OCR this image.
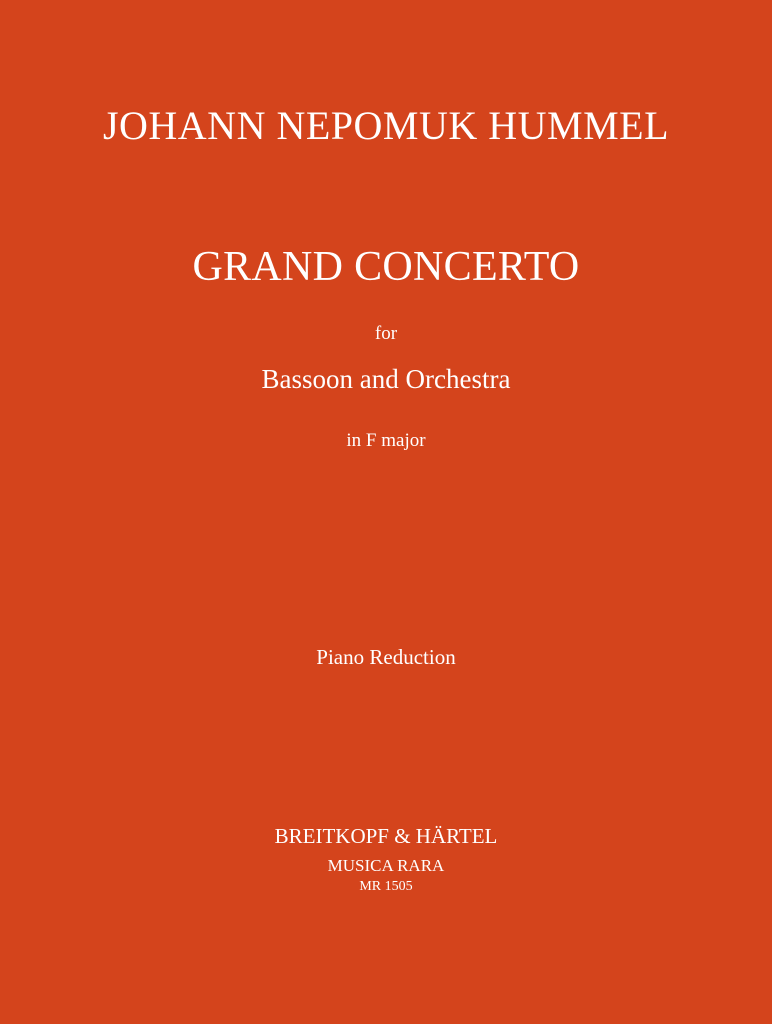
JOHANN NEPOMUK HUMMEL
GRAND CONCERTO
for
Bassoon and Orchestra
in F major
Piano Reduction
BREITKOPF & HÄRTEL
MUSICA RARA
MR 1505
